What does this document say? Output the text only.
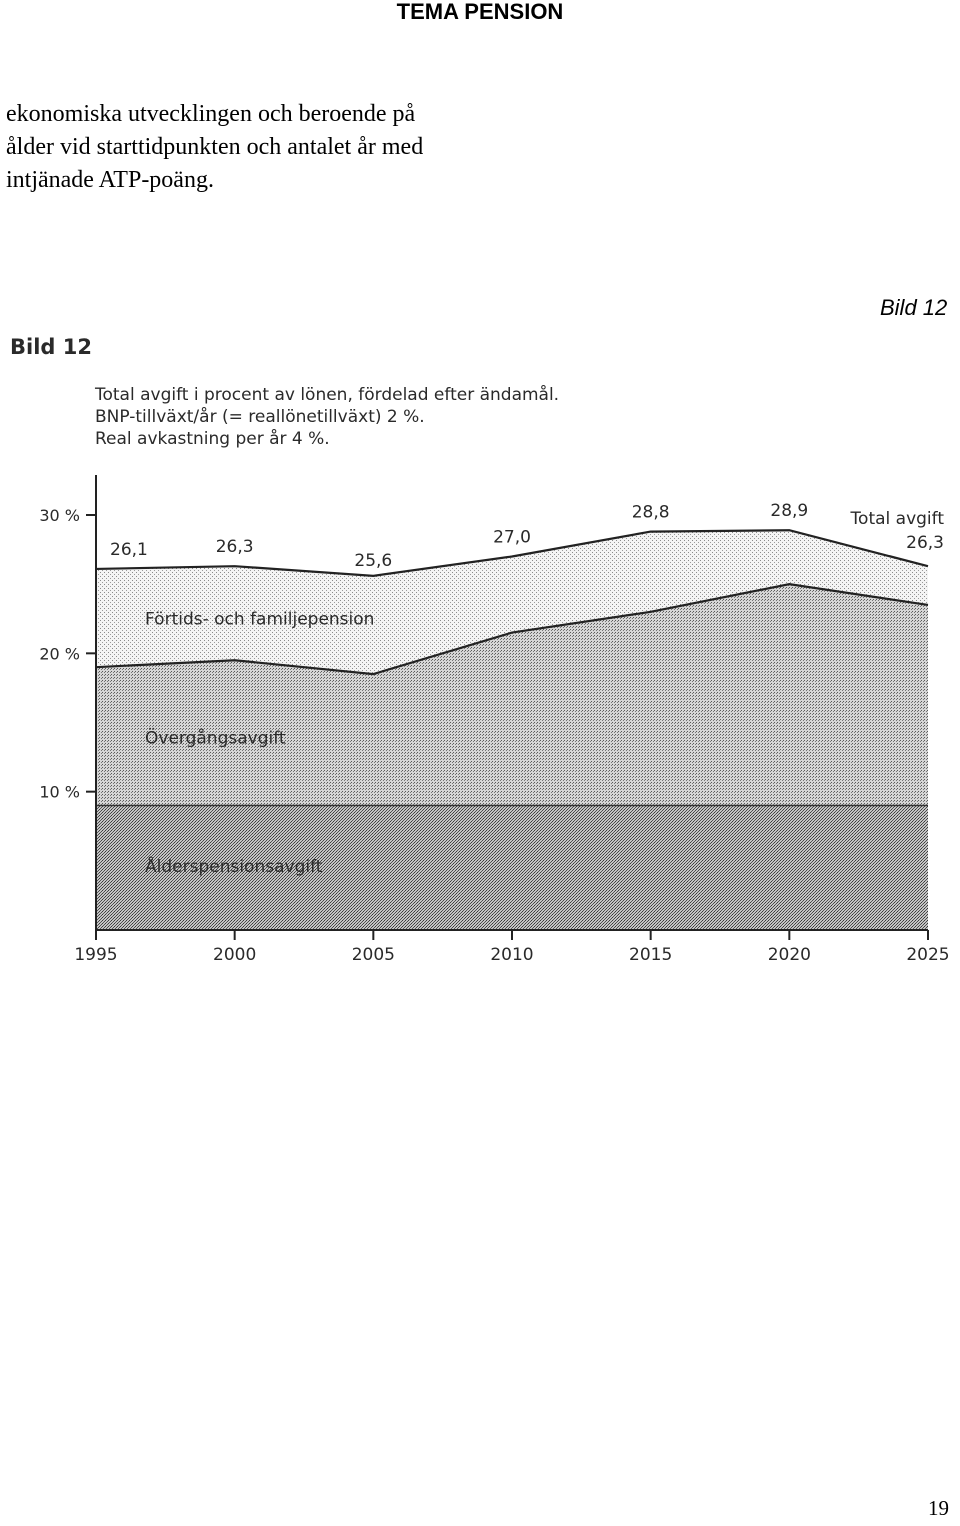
TEMA PENSION
ekonomiska utvecklingen och beroende på
ålder vid starttidpunkten och antalet år med
intjänade ATP-poäng.
Bild 12
Bild 12
Total avgift i procent av lönen, fördelad efter ändamål.
BNP-tillväxt/år (= reallönetillväxt) 2 %.
Real avkastning per år 4 %.
Ålderspensionsavgift
Övergångsavgift
Förtids- och familjepension
26,1	26,3
25,6
27,0
28,8	28,9
26,3
Total avgift
10 %
20 %
30 %
1995	2000	2005	2010	2015	2020	2025
19
